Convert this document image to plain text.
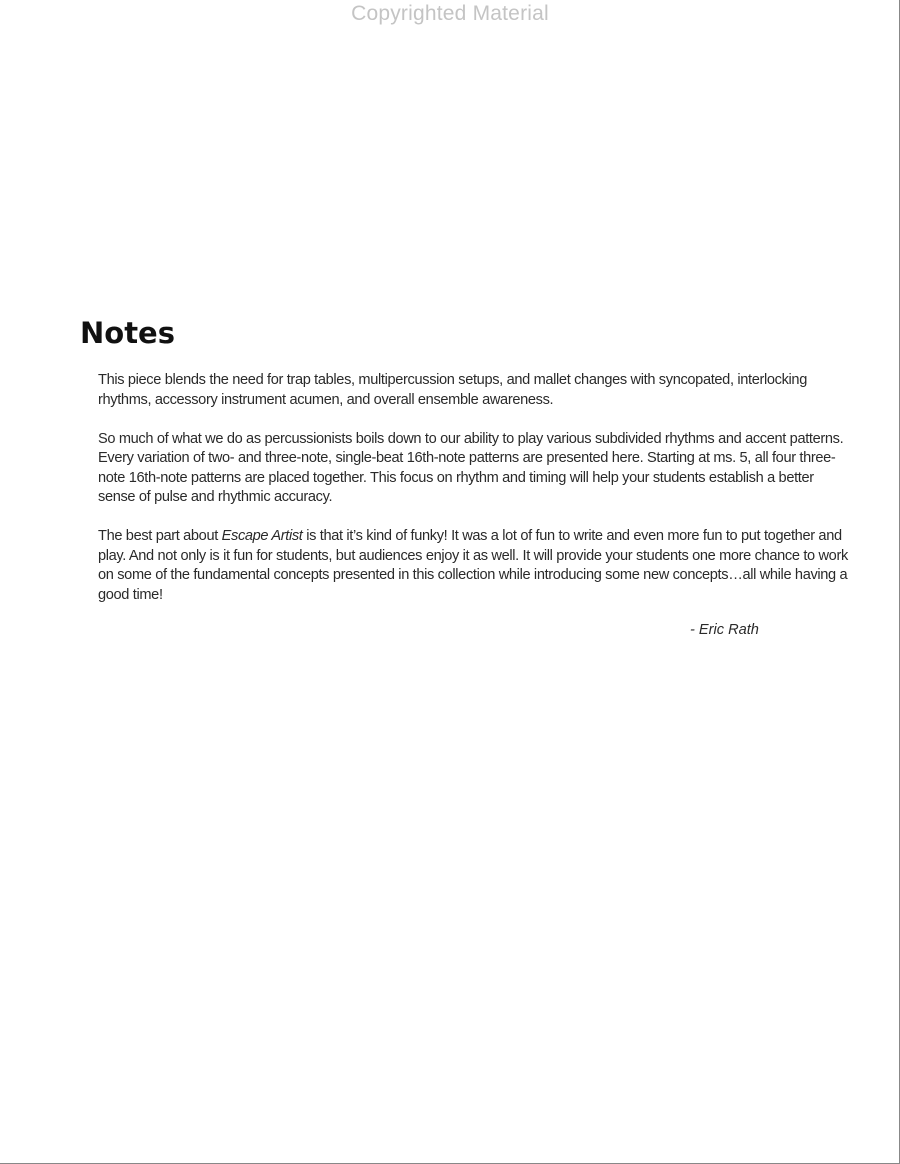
Copyrighted Material
Notes

This piece blends the need for trap tables, multipercussion setups, and mallet changes with syncopated, interlocking rhythms, accessory instrument acumen, and overall ensemble awareness.

So much of what we do as percussionists boils down to our ability to play various subdivided rhythms and accent patterns. Every variation of two- and three-note, single-beat 16th-note patterns are presented here. Starting at ms. 5, all four three-note 16th-note patterns are placed together. This focus on rhythm and timing will help your students establish a better sense of pulse and rhythmic accuracy.

The best part about Escape Artist is that it’s kind of funky! It was a lot of fun to write and even more fun to put together and play. And not only is it fun for students, but audiences enjoy it as well. It will provide your students one more chance to work on some of the fundamental concepts presented in this collection while introducing some new concepts…all while having a good time!

- Eric Rath
